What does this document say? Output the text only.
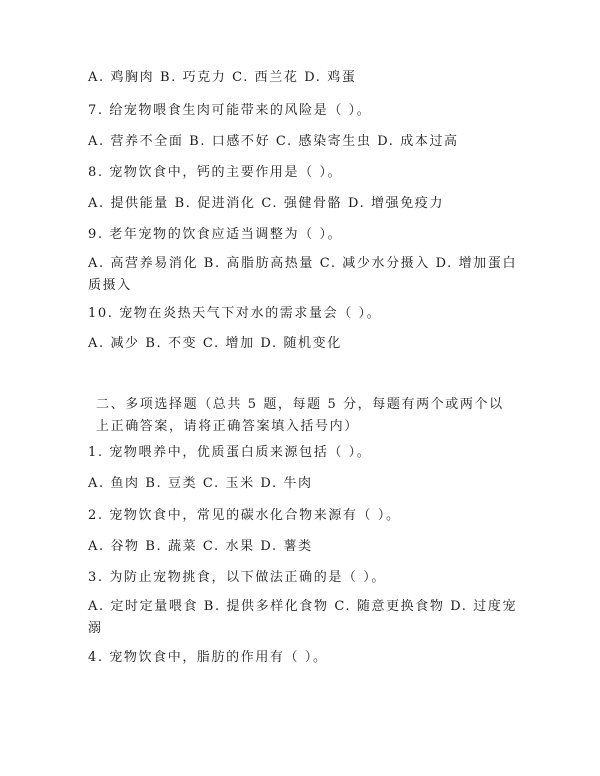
A. 鸡胸肉 B. 巧克力 C. 西兰花 D. 鸡蛋
7. 给宠物喂食生肉可能带来的风险是（ ）。
A. 营养不全面 B. 口感不好 C. 感染寄生虫 D. 成本过高
8. 宠物饮食中，钙的主要作用是（ ）。
A. 提供能量 B. 促进消化 C. 强健骨骼 D. 增强免疫力
9. 老年宠物的饮食应适当调整为（ ）。
A. 高营养易消化 B. 高脂肪高热量 C. 减少水分摄入 D. 增加蛋白质摄入
10. 宠物在炎热天气下对水的需求量会（ ）。
A. 减少 B. 不变 C. 增加 D. 随机变化
二、多项选择题（总共 5 题，每题 5 分，每题有两个或两个以上正确答案，请将正确答案填入括号内）
1. 宠物喂养中，优质蛋白质来源包括（ ）。
A. 鱼肉 B. 豆类 C. 玉米 D. 牛肉
2. 宠物饮食中，常见的碳水化合物来源有（ ）。
A. 谷物 B. 蔬菜 C. 水果 D. 薯类
3. 为防止宠物挑食，以下做法正确的是（ ）。
A. 定时定量喂食 B. 提供多样化食物 C. 随意更换食物 D. 过度宠溺
4. 宠物饮食中，脂肪的作用有（ ）。
